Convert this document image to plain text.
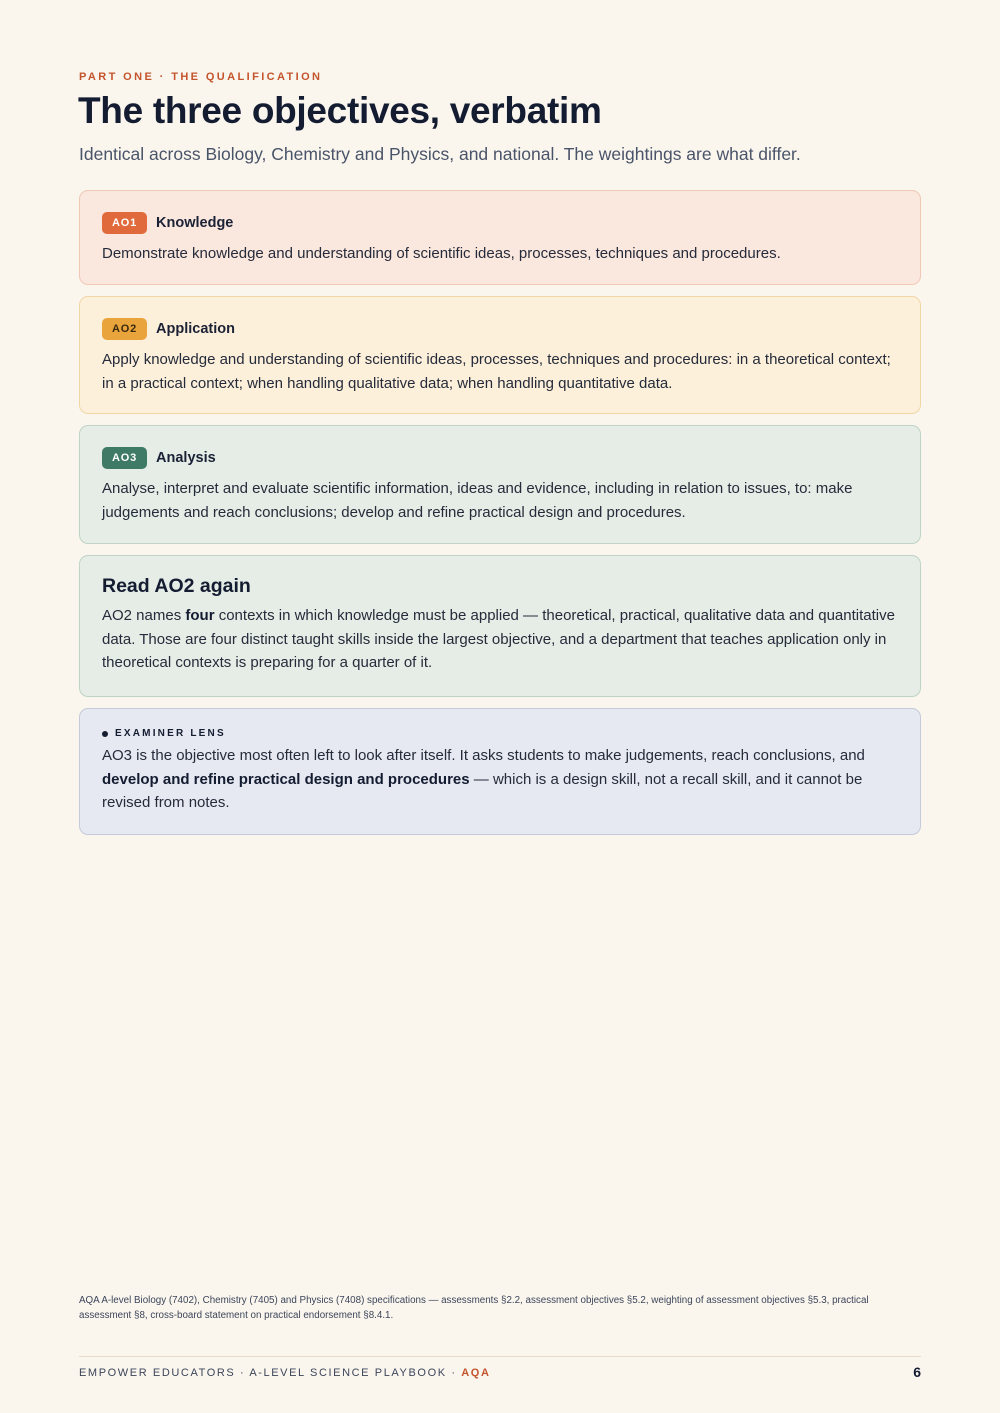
PART ONE · THE QUALIFICATION
The three objectives, verbatim
Identical across Biology, Chemistry and Physics, and national. The weightings are what differ.
AO1	Knowledge

Demonstrate knowledge and understanding of scientific ideas, processes, techniques and procedures.

AO2	Application

Apply knowledge and understanding of scientific ideas, processes, techniques and procedures: in a theoretical context; in a practical context; when handling qualitative data; when handling quantitative data.

AO3	Analysis

Analyse, interpret and evaluate scientific information, ideas and evidence, including in relation to issues, to: make judgements and reach conclusions; develop and refine practical design and procedures.

Read AO2 again

AO2 names four contexts in which knowledge must be applied — theoretical, practical, qualitative data and quantitative data. Those are four distinct taught skills inside the largest objective, and a department that teaches application only in theoretical contexts is preparing for a quarter of it.

EXAMINER LENS

AO3 is the objective most often left to look after itself. It asks students to make judgements, reach conclusions, and develop and refine practical design and procedures — which is a design skill, not a recall skill, and it cannot be revised from notes.

AQA A-level Biology (7402), Chemistry (7405) and Physics (7408) specifications — assessments §2.2, assessment objectives §5.2, weighting of assessment objectives §5.3, practical assessment §8, cross-board statement on practical endorsement §8.4.1.

EMPOWER EDUCATORS · A-LEVEL SCIENCE PLAYBOOK · AQA	6
